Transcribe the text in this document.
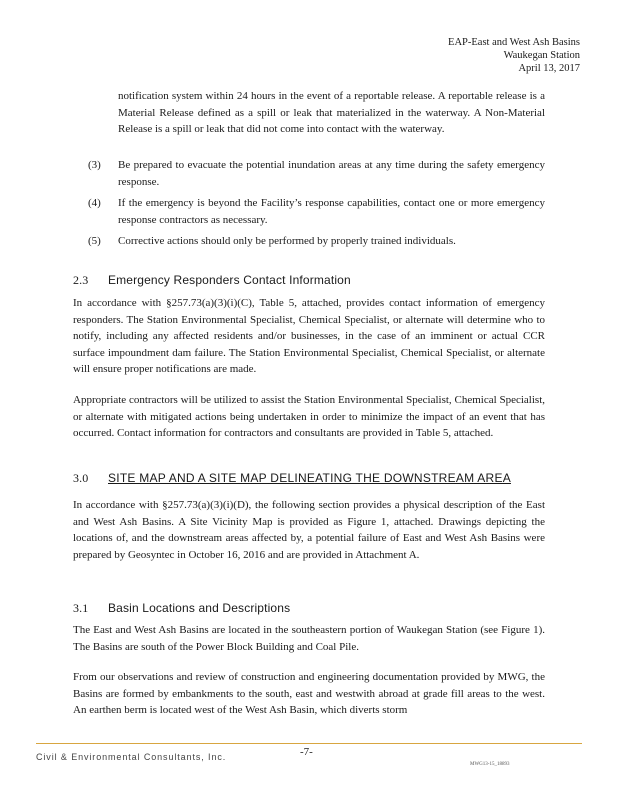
EAP-East and West Ash Basins
Waukegan Station
April 13, 2017
notification system within 24 hours in the event of a reportable release. A reportable release is a Material Release defined as a spill or leak that materialized in the waterway. A Non-Material Release is a spill or leak that did not come into contact with the waterway.
(3)	Be prepared to evacuate the potential inundation areas at any time during the safety emergency response.
(4)	If the emergency is beyond the Facility’s response capabilities, contact one or more emergency response contractors as necessary.
(5)	Corrective actions should only be performed by properly trained individuals.
2.3 Emergency Responders Contact Information
In accordance with §257.73(a)(3)(i)(C), Table 5, attached, provides contact information of emergency responders. The Station Environmental Specialist, Chemical Specialist, or alternate will determine who to notify, including any affected residents and/or businesses, in the case of an imminent or actual CCR surface impoundment dam failure. The Station Environmental Specialist, Chemical Specialist, or alternate will ensure proper notifications are made.
Appropriate contractors will be utilized to assist the Station Environmental Specialist, Chemical Specialist, or alternate with mitigated actions being undertaken in order to minimize the impact of an event that has occurred. Contact information for contractors and consultants are provided in Table 5, attached.
3.0 SITE MAP AND A SITE MAP DELINEATING THE DOWNSTREAM AREA
In accordance with §257.73(a)(3)(i)(D), the following section provides a physical description of the East and West Ash Basins. A Site Vicinity Map is provided as Figure 1, attached. Drawings depicting the locations of, and the downstream areas affected by, a potential failure of East and West Ash Basins were prepared by Geosyntec in October 16, 2016 and are provided in Attachment A.
3.1 Basin Locations and Descriptions
The East and West Ash Basins are located in the southeastern portion of Waukegan Station (see Figure 1). The Basins are south of the Power Block Building and Coal Pile.
From our observations and review of construction and engineering documentation provided by MWG, the Basins are formed by embankments to the south, east and westwith abroad at grade fill areas to the west. An earthen berm is located west of the West Ash Basin, which diverts storm
Civil & Environmental Consultants, Inc.	-7-
MWG13-15_18893
